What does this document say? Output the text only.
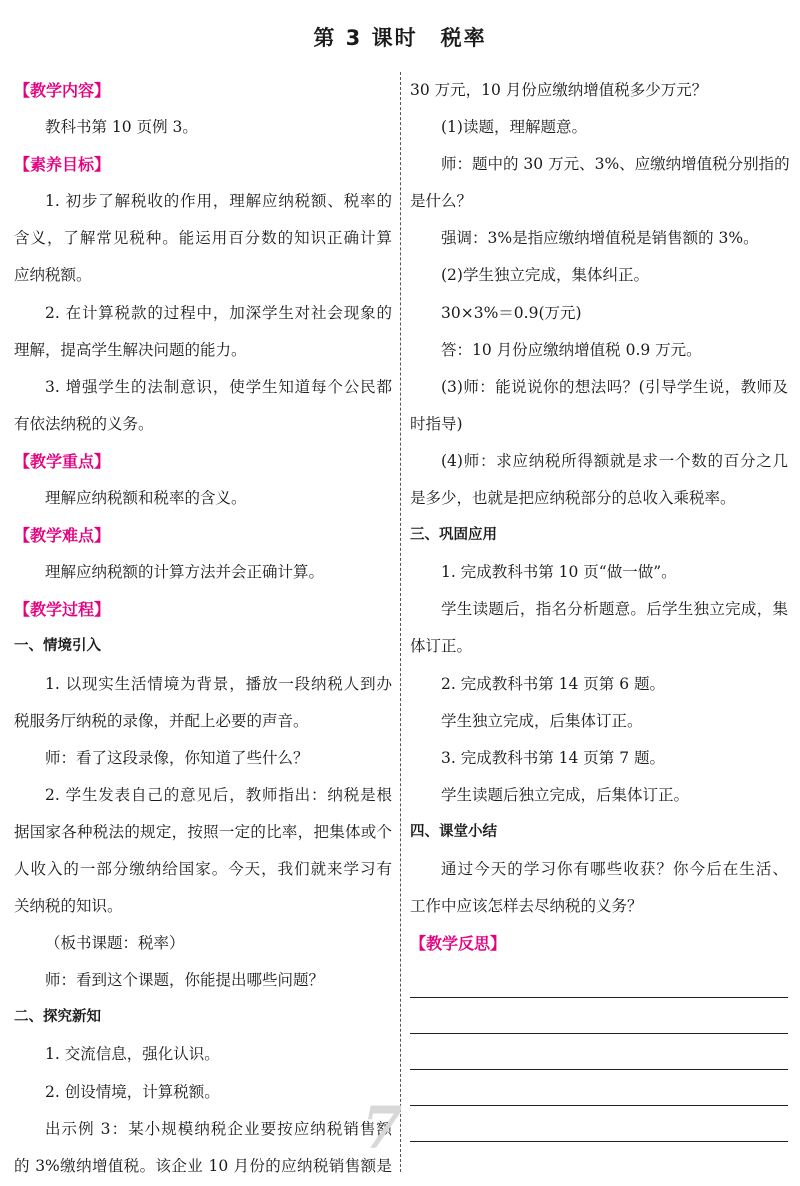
第 3 课时　税率
【教学内容】
教科书第 10 页例 3。
【素养目标】
1. 初步了解税收的作用，理解应纳税额、税率的
含义，了解常见税种。能运用百分数的知识正确计算
应纳税额。
2. 在计算税款的过程中，加深学生对社会现象的
理解，提高学生解决问题的能力。
3. 增强学生的法制意识，使学生知道每个公民都
有依法纳税的义务。
【教学重点】
理解应纳税额和税率的含义。
【教学难点】
理解应纳税额的计算方法并会正确计算。
【教学过程】
一、情境引入
1. 以现实生活情境为背景，播放一段纳税人到办
税服务厅纳税的录像，并配上必要的声音。
师：看了这段录像，你知道了些什么？
2. 学生发表自己的意见后，教师指出：纳税是根
据国家各种税法的规定，按照一定的比率，把集体或个
人收入的一部分缴纳给国家。今天，我们就来学习有
关纳税的知识。
（板书课题：税率）
师：看到这个课题，你能提出哪些问题？
二、探究新知
1. 交流信息，强化认识。
2. 创设情境，计算税额。
出示例 3：某小规模纳税企业要按应纳税销售额
的 3%缴纳增值税。该企业 10 月份的应纳税销售额是
30 万元，10 月份应缴纳增值税多少万元？
(1)读题，理解题意。
师：题中的 30 万元、3%、应缴纳增值税分别指的
是什么？
强调：3%是指应缴纳增值税是销售额的 3%。
(2)学生独立完成，集体纠正。
30×3%＝0.9(万元)
答：10 月份应缴纳增值税 0.9 万元。
(3)师：能说说你的想法吗？(引导学生说，教师及
时指导)
(4)师：求应纳税所得额就是求一个数的百分之几
是多少，也就是把应纳税部分的总收入乘税率。
三、巩固应用
1. 完成教科书第 10 页“做一做”。
学生读题后，指名分析题意。后学生独立完成，集
体订正。
2. 完成教科书第 14 页第 6 题。
学生独立完成，后集体订正。
3. 完成教科书第 14 页第 7 题。
学生读题后独立完成，后集体订正。
四、课堂小结
通过今天的学习你有哪些收获？你今后在生活、
工作中应该怎样去尽纳税的义务？
【教学反思】
7
